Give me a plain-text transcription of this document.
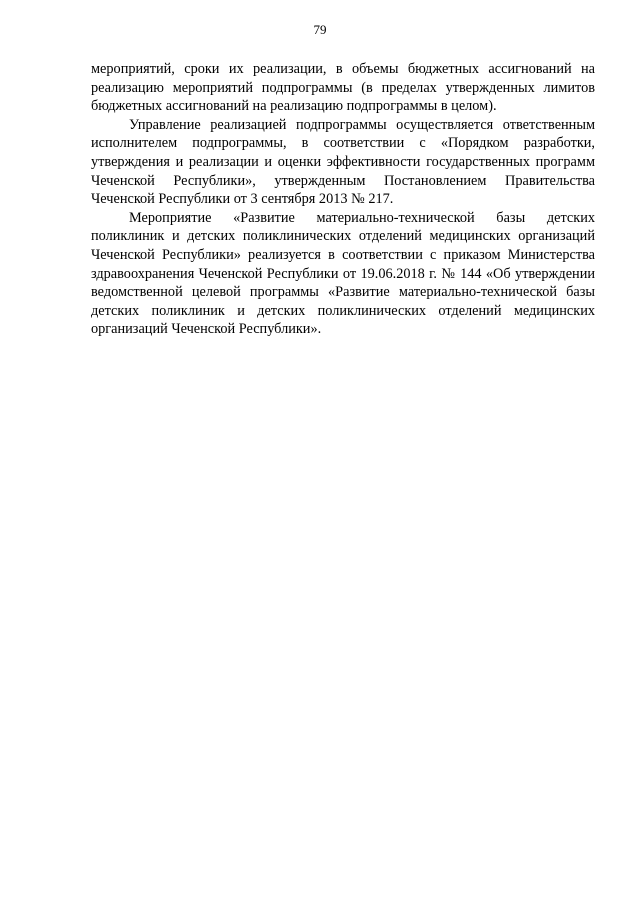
79

мероприятий, сроки их реализации, в объемы бюджетных ассигнований на реализацию мероприятий подпрограммы (в пределах утвержденных лимитов бюджетных ассигнований на реализацию подпрограммы в целом).

Управление реализацией подпрограммы осуществляется ответственным исполнителем подпрограммы, в соответствии с «Порядком разработки, утверждения и реализации и оценки эффективности государственных программ Чеченской Республики», утвержденным Постановлением Правительства Чеченской Республики от 3 сентября 2013 № 217.

Мероприятие «Развитие материально-технической базы детских поликлиник и детских поликлинических отделений медицинских организаций Чеченской Республики» реализуется в соответствии с приказом Министерства здравоохранения Чеченской Республики от 19.06.2018 г. № 144 «Об утверждении ведомственной целевой программы «Развитие материально-технической базы детских поликлиник и детских поликлинических отделений медицинских организаций Чеченской Республики».
